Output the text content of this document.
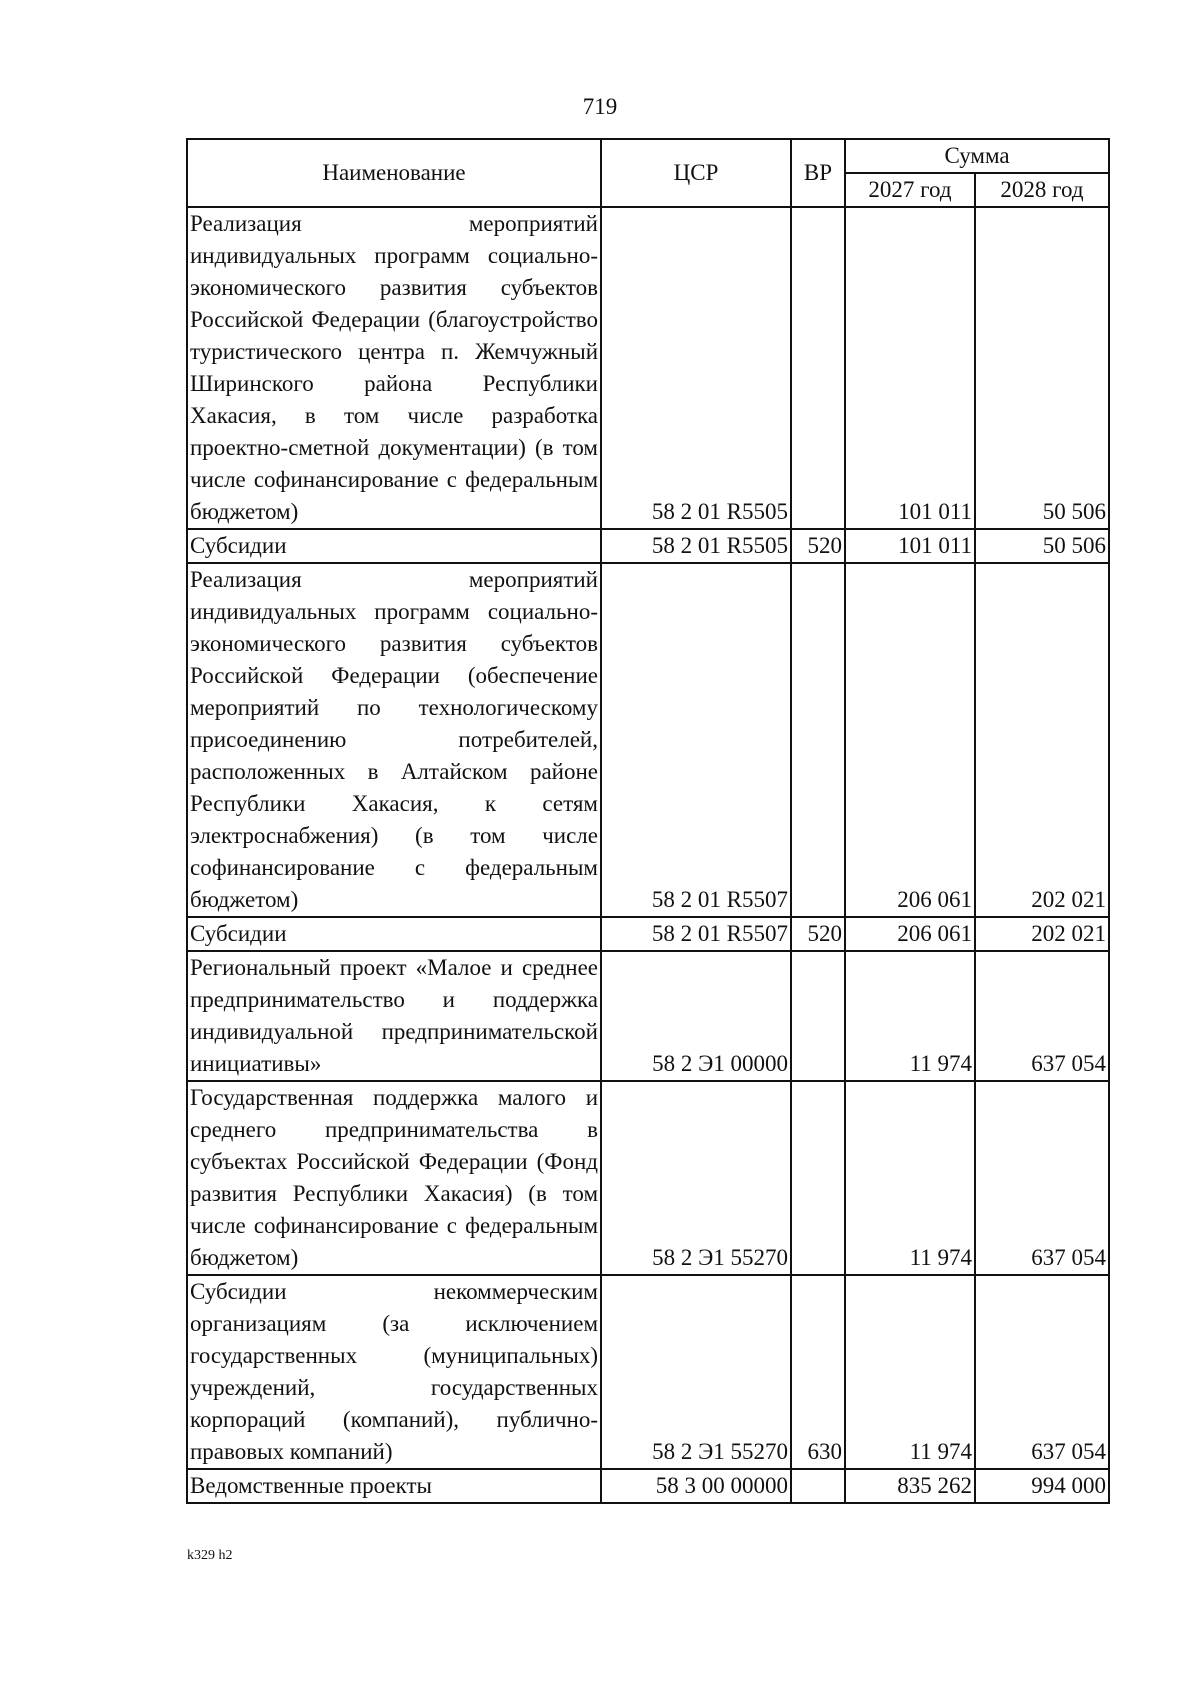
719
Наименование	ЦСР	ВР	Сумма	
			2027 год	2028 год
Реализация мероприятий индивидуальных программ социально-экономического развития субъектов Российской Федерации (благоустройство туристического центра п. Жемчужный Ширинского района Республики Хакасия, в том числе разработка проектно-сметной документации) (в том числе софинансирование с федеральным бюджетом)	58 2 01 R5505		101 011	50 506
Субсидии	58 2 01 R5505	520	101 011	50 506
Реализация мероприятий индивидуальных программ социально-экономического развития субъектов Российской Федерации (обеспечение мероприятий по технологическому присоединению потребителей, расположенных в Алтайском районе Республики Хакасия, к сетям электроснабжения) (в том числе софинансирование с федеральным бюджетом)	58 2 01 R5507		206 061	202 021
Субсидии	58 2 01 R5507	520	206 061	202 021
Региональный проект «Малое и среднее предпринимательство и поддержка индивидуальной предпринимательской инициативы»	58 2 Э1 00000		11 974	637 054
Государственная поддержка малого и среднего предпринимательства в субъектах Российской Федерации (Фонд развития Республики Хакасия) (в том числе софинансирование с федеральным бюджетом)	58 2 Э1 55270		11 974	637 054
Субсидии некоммерческим организациям (за исключением государственных (муниципальных) учреждений, государственных корпораций (компаний), публично-правовых компаний)	58 2 Э1 55270	630	11 974	637 054
Ведомственные проекты	58 3 00 00000		835 262	994 000
k329 h2
